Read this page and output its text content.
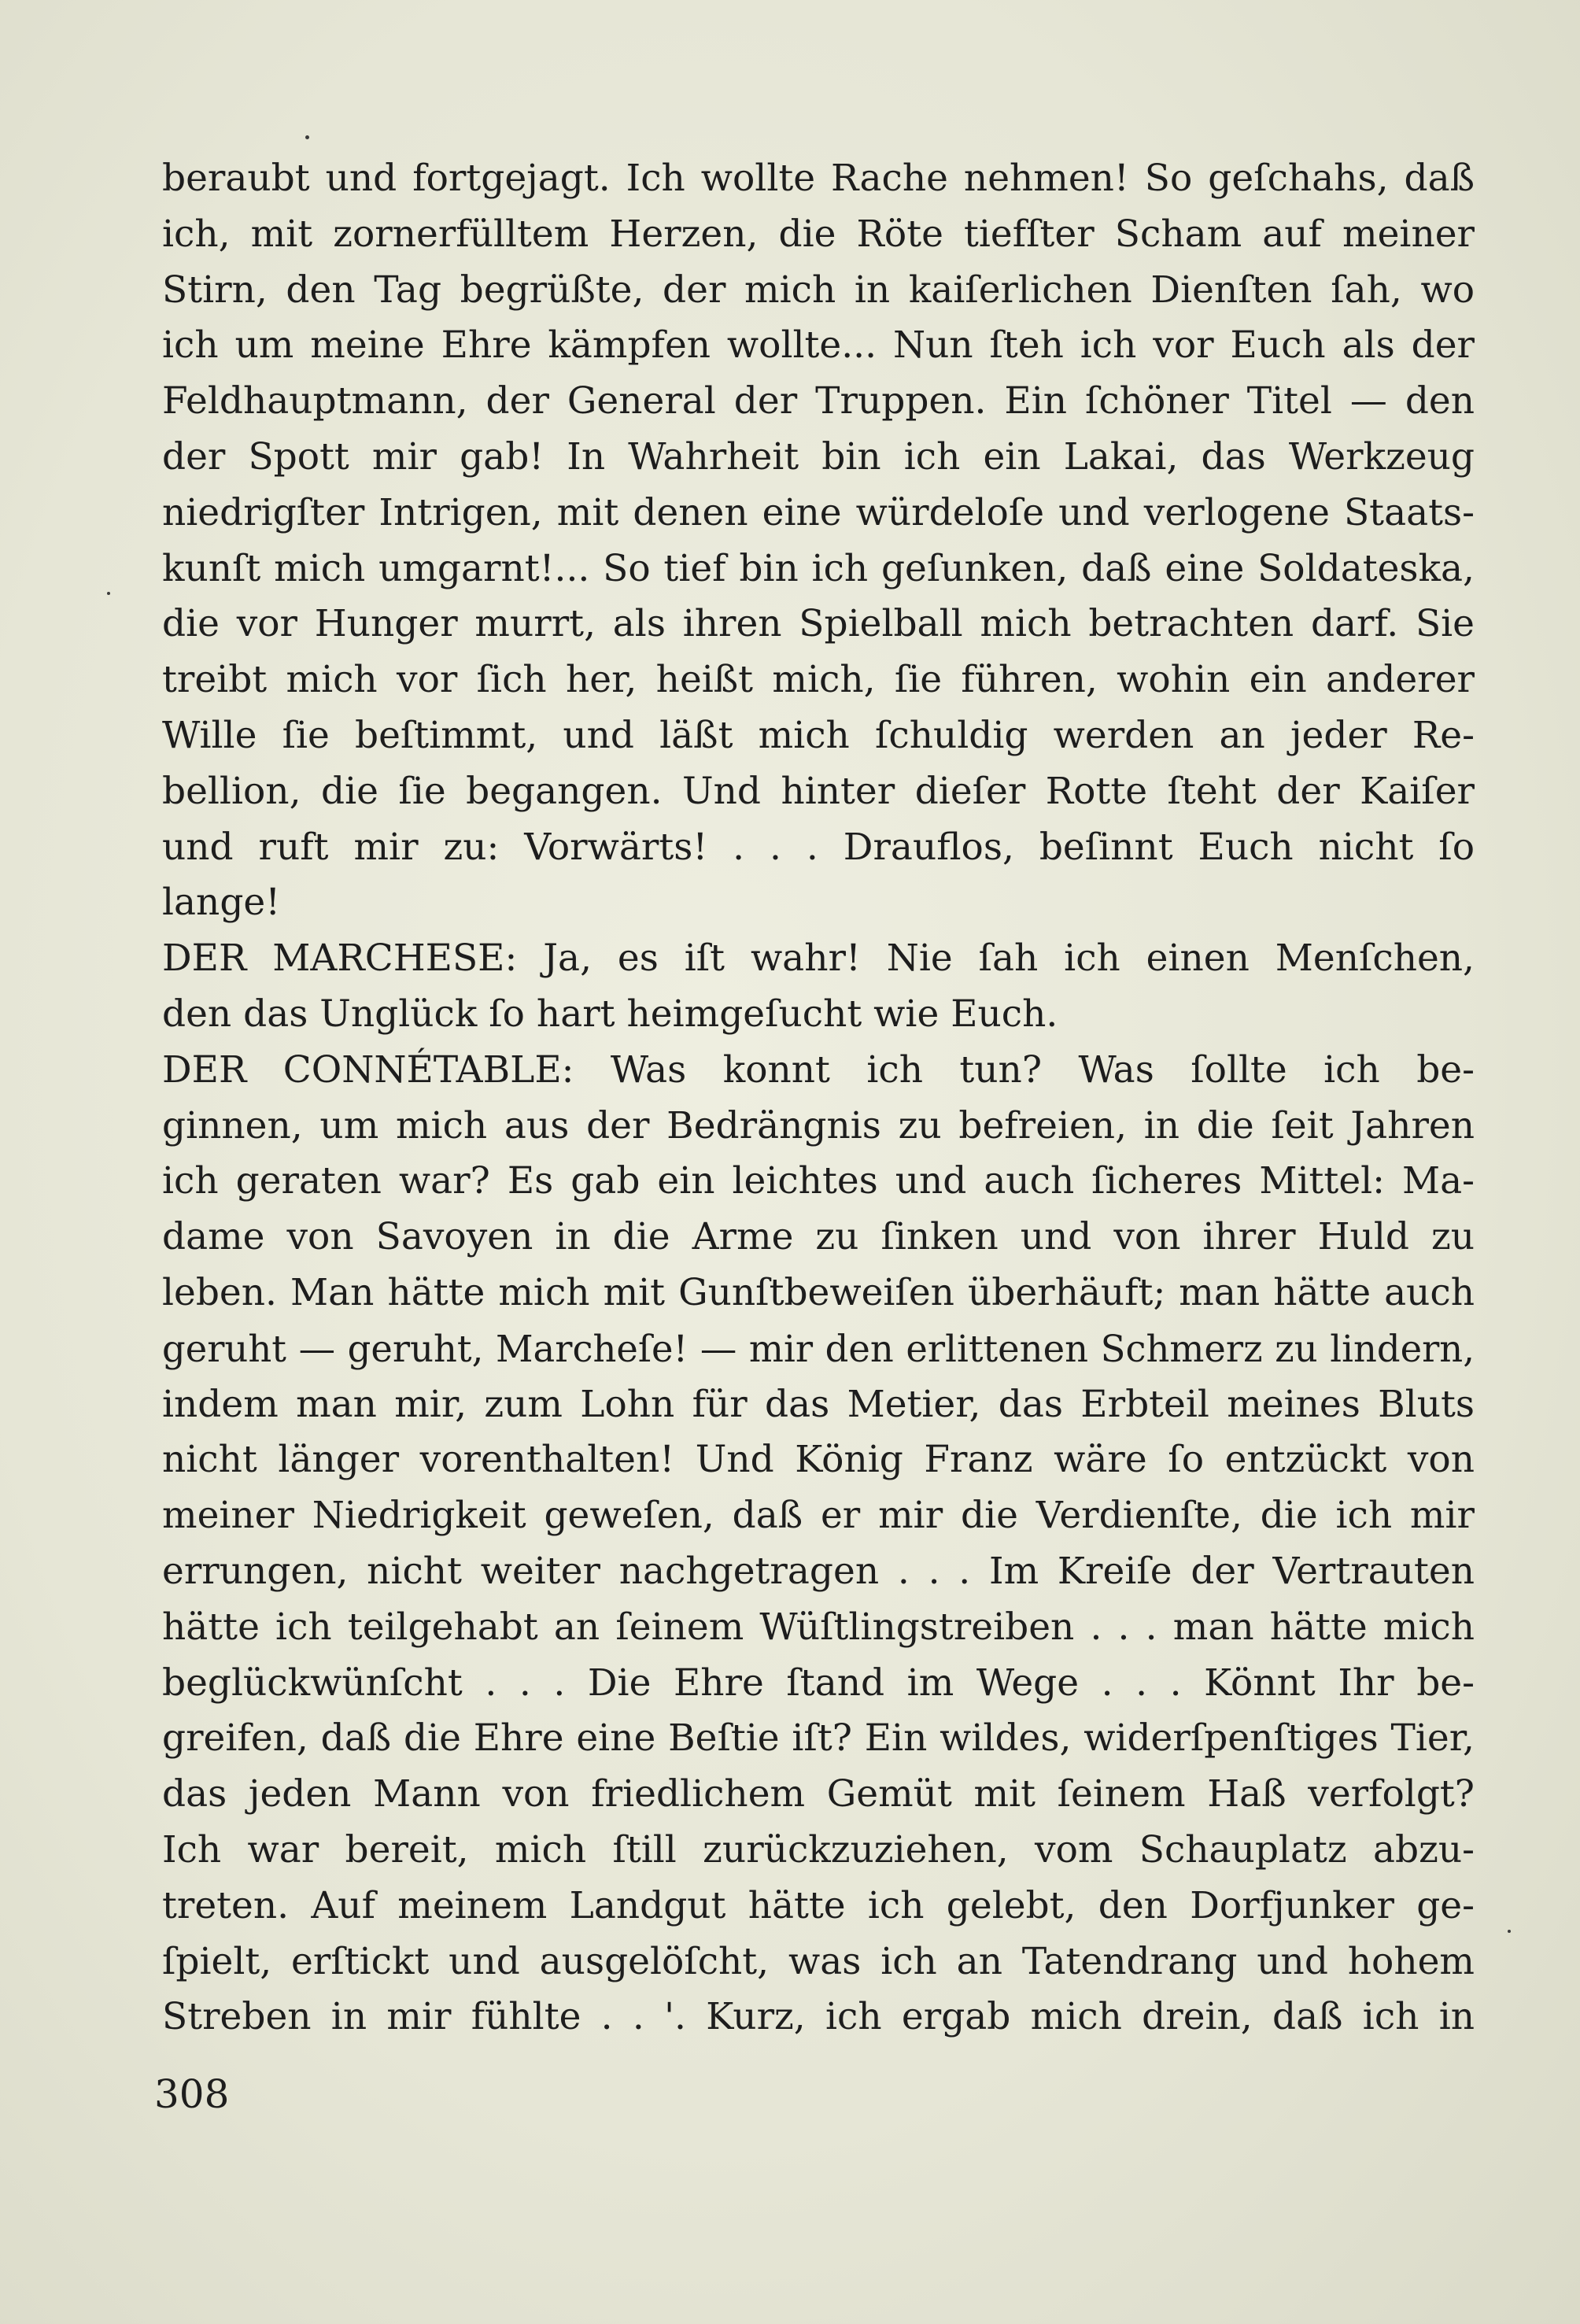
beraubt und fortgejagt. Ich wollte Rache nehmen! So geſchahs, daß
ich, mit zornerfülltem Herzen, die Röte tiefſter Scham auf meiner
Stirn, den Tag begrüßte, der mich in kaiſerlichen Dienſten ſah, wo
ich um meine Ehre kämpfen wollte... Nun ſteh ich vor Euch als der
Feldhauptmann, der General der Truppen. Ein ſchöner Titel — den
der Spott mir gab! In Wahrheit bin ich ein Lakai, das Werkzeug
niedrigſter Intrigen, mit denen eine würdeloſe und verlogene Staats-
kunſt mich umgarnt!... So tief bin ich geſunken, daß eine Soldateska,
die vor Hunger murrt, als ihren Spielball mich betrachten darf. Sie
treibt mich vor ſich her, heißt mich, ſie führen, wohin ein anderer
Wille ſie beſtimmt, und läßt mich ſchuldig werden an jeder Re-
bellion, die ſie begangen. Und hinter dieſer Rotte ſteht der Kaiſer
und ruft mir zu: Vorwärts! . . . Drauflos, beſinnt Euch nicht ſo
lange!
DER MARCHESE: Ja, es iſt wahr! Nie ſah ich einen Menſchen,
den das Unglück ſo hart heimgeſucht wie Euch.
DER CONNÉTABLE: Was konnt ich tun? Was ſollte ich be-
ginnen, um mich aus der Bedrängnis zu befreien, in die ſeit Jahren
ich geraten war? Es gab ein leichtes und auch ſicheres Mittel: Ma-
dame von Savoyen in die Arme zu ſinken und von ihrer Huld zu
leben. Man hätte mich mit Gunſtbeweiſen überhäuft; man hätte auch
geruht — geruht, Marcheſe! — mir den erlittenen Schmerz zu lindern,
indem man mir, zum Lohn für das Metier, das Erbteil meines Bluts
nicht länger vorenthalten! Und König Franz wäre ſo entzückt von
meiner Niedrigkeit geweſen, daß er mir die Verdienſte, die ich mir
errungen, nicht weiter nachgetragen . . . Im Kreiſe der Vertrauten
hätte ich teilgehabt an ſeinem Wüſtlingstreiben . . . man hätte mich
beglückwünſcht . . . Die Ehre ſtand im Wege . . . Könnt Ihr be-
greifen, daß die Ehre eine Beſtie iſt? Ein wildes, widerſpenſtiges Tier,
das jeden Mann von friedlichem Gemüt mit ſeinem Haß verfolgt?
Ich war bereit, mich ſtill zurückzuziehen, vom Schauplatz abzu-
treten. Auf meinem Landgut hätte ich gelebt, den Dorfjunker ge-
ſpielt, erſtickt und ausgelöſcht, was ich an Tatendrang und hohem
Streben in mir fühlte . . '. Kurz, ich ergab mich drein, daß ich in
308
